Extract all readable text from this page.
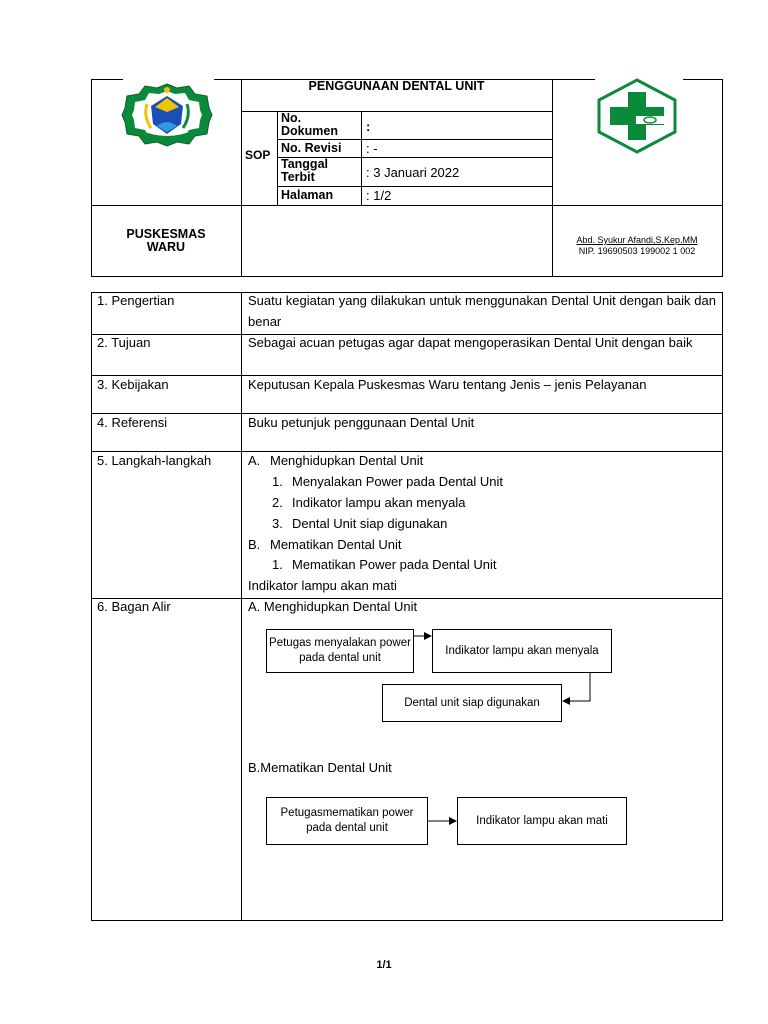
PENGGUNAAN DENTAL UNIT
SOP
No. Dokumen	:
No. Revisi : -
Tanggal Terbit	: 3 Januari 2022
Halaman	: 1/2
PUSKESMAS
WARU	Abd. Syukur Afandi,S.Kep.MM
NIP. 19690503 199002 1 002
1. Pengertian	Suatu kegiatan yang dilakukan untuk menggunakan Dental Unit dengan baik dan benar
2. Tujuan	Sebagai acuan petugas agar dapat mengoperasikan Dental Unit dengan baik
3. Kebijakan	Keputusan Kepala Puskesmas Waru tentang Jenis – jenis Pelayanan
4. Referensi	Buku petunjuk penggunaan Dental Unit
5. Langkah-langkah	A. Menghidupkan Dental Unit
1. Menyalakan Power pada Dental Unit
2. Indikator lampu akan menyala
3. Dental Unit siap digunakan
B. Mematikan Dental Unit
1. Mematikan Power pada Dental Unit
Indikator lampu akan mati
6. Bagan Alir	A. Menghidupkan Dental Unit
Petugas menyalakan power pada dental unit
Indikator lampu akan menyala
Dental unit siap digunakan
B.Mematikan Dental Unit
Petugasmematikan power pada dental unit
Indikator lampu akan mati
1/1
